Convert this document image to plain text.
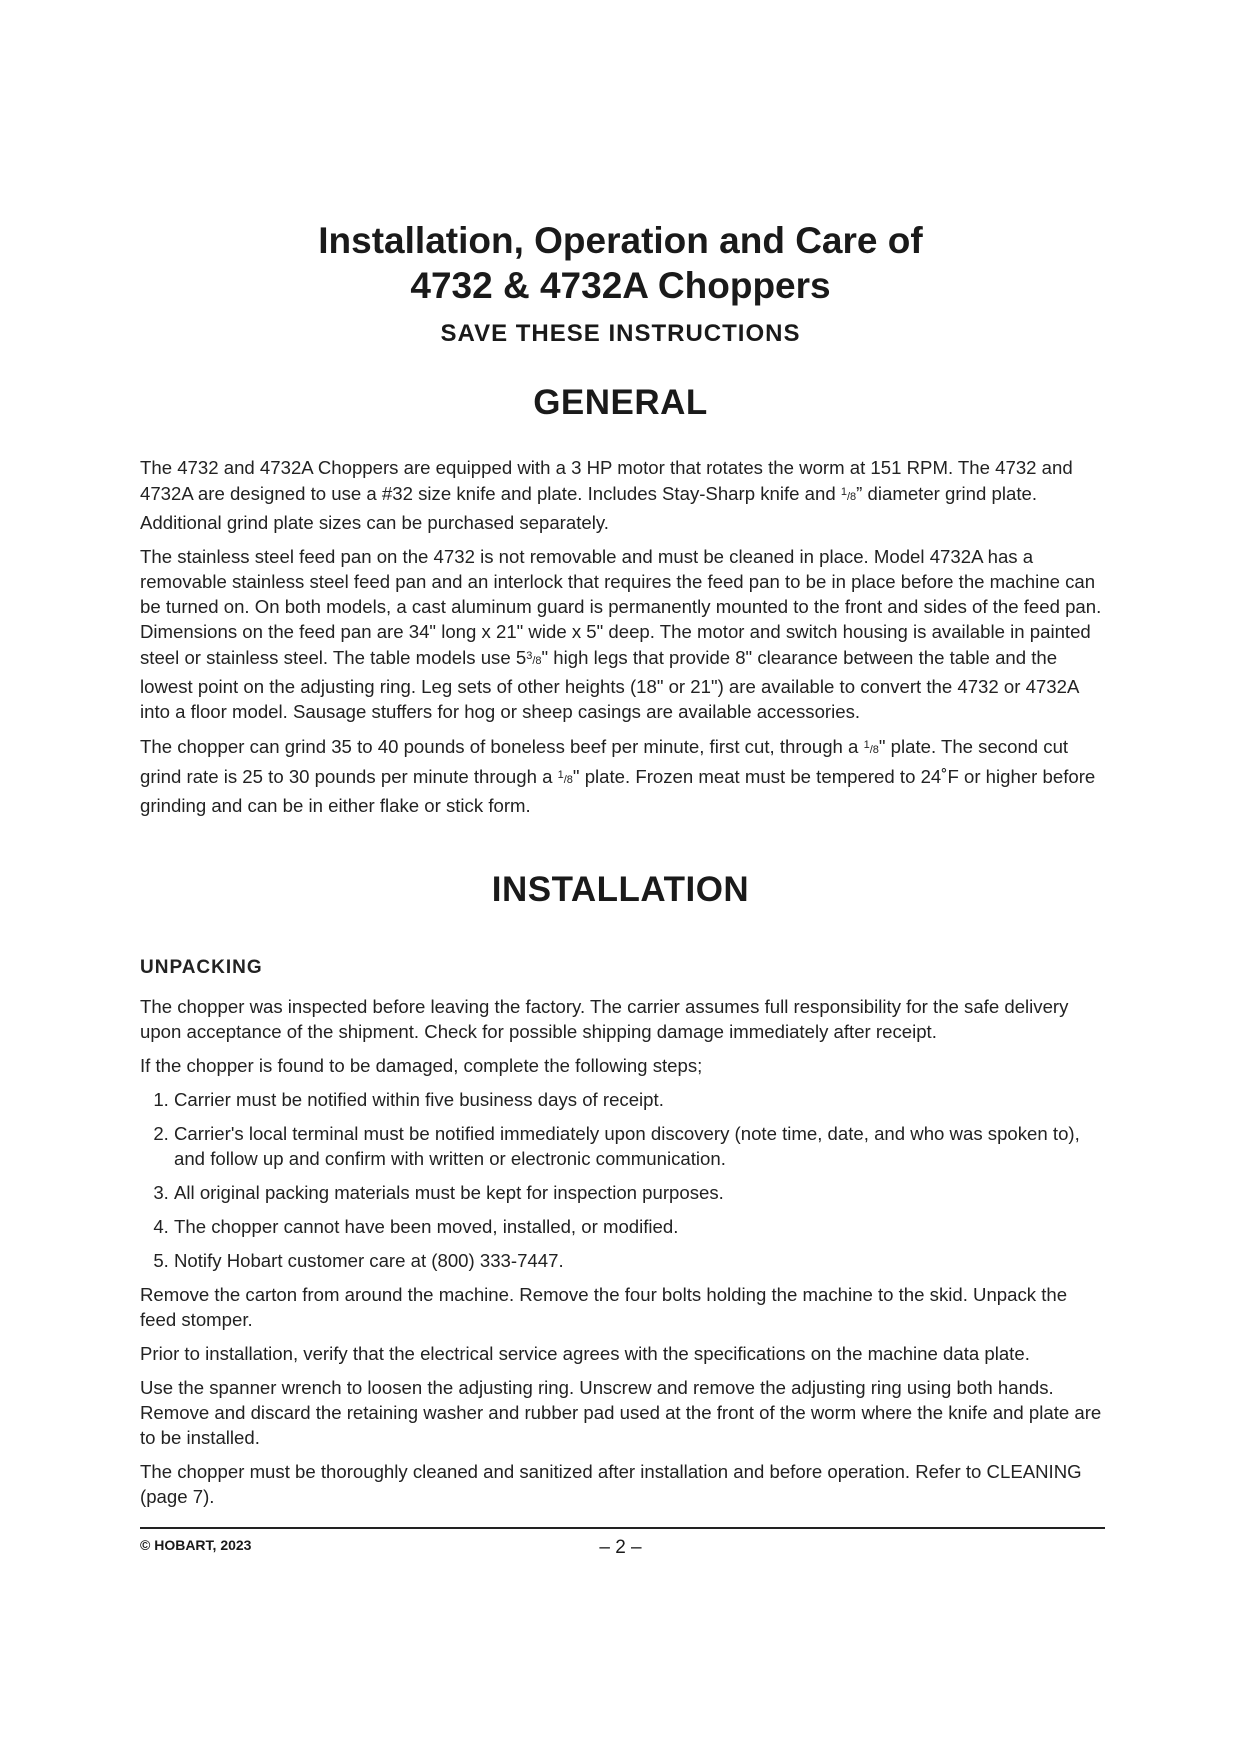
Installation, Operation and Care of
4732 & 4732A Choppers
SAVE THESE INSTRUCTIONS
GENERAL

The 4732 and 4732A Choppers are equipped with a 3 HP motor that rotates the worm at 151 RPM. The 4732 and 4732A are designed to use a #32 size knife and plate. Includes Stay-Sharp knife and $^1$/8” diameter grind plate. Additional grind plate sizes can be purchased separately.

The stainless steel feed pan on the 4732 is not removable and must be cleaned in place. Model 4732A has a removable stainless steel feed pan and an interlock that requires the feed pan to be in place before the machine can be turned on. On both models, a cast aluminum guard is permanently mounted to the front and sides of the feed pan. Dimensions on the feed pan are 34" long x 21" wide x 5" deep. The motor and switch housing is available in painted steel or stainless steel. The table models use $5^3/8$" high legs that provide 8" clearance between the table and the lowest point on the adjusting ring. Leg sets of other heights (18" or 21") are available to convert the 4732 or 4732A into a floor model. Sausage stuffers for hog or sheep casings are available accessories.

The chopper can grind 35 to 40 pounds of boneless beef per minute, first cut, through a $^1$/8" plate. The second cut grind rate is 25 to 30 pounds per minute through a $^1$/8" plate. Frozen meat must be tempered to 24˚F or higher before grinding and can be in either flake or stick form.

INSTALLATION
UNPACKING

The chopper was inspected before leaving the factory. The carrier assumes full responsibility for the safe delivery upon acceptance of the shipment. Check for possible shipping damage immediately after receipt.

If the chopper is found to be damaged, complete the following steps;

1. Carrier must be notified within five business days of receipt.
2. Carrier's local terminal must be notified immediately upon discovery (note time, date, and who was spoken to), and follow up and confirm with written or electronic communication.
3. All original packing materials must be kept for inspection purposes.
4. The chopper cannot have been moved, installed, or modified.
5. Notify Hobart customer care at (800) 333-7447.

Remove the carton from around the machine. Remove the four bolts holding the machine to the skid. Unpack the feed stomper.

Prior to installation, verify that the electrical service agrees with the specifications on the machine data plate.

Use the spanner wrench to loosen the adjusting ring. Unscrew and remove the adjusting ring using both hands. Remove and discard the retaining washer and rubber pad used at the front of the worm where the knife and plate are to be installed.

The chopper must be thoroughly cleaned and sanitized after installation and before operation. Refer to CLEANING (page 7).

© HOBART, 2023	– 2 –
